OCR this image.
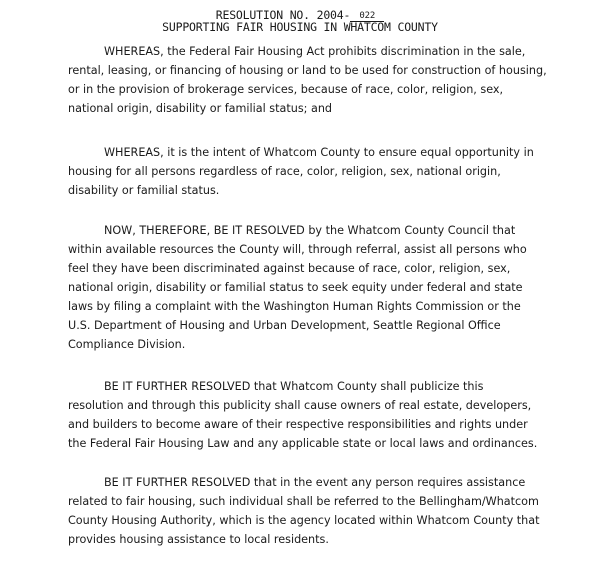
RESOLUTION NO. 2004- 022
SUPPORTING FAIR HOUSING IN WHATCOM COUNTY

WHEREAS, the Federal Fair Housing Act prohibits discrimination in the sale,
rental, leasing, or financing of housing or land to be used for construction of housing,
or in the provision of brokerage services, because of race, color, religion, sex,
national origin, disability or familial status; and

WHEREAS, it is the intent of Whatcom County to ensure equal opportunity in
housing for all persons regardless of race, color, religion, sex, national origin,
disability or familial status.

NOW, THEREFORE, BE IT RESOLVED by the Whatcom County Council that
within available resources the County will, through referral, assist all persons who
feel they have been discriminated against because of race, color, religion, sex,
national origin, disability or familial status to seek equity under federal and state
laws by filing a complaint with the Washington Human Rights Commission or the
U.S. Department of Housing and Urban Development, Seattle Regional Office
Compliance Division.

BE IT FURTHER RESOLVED that Whatcom County shall publicize this
resolution and through this publicity shall cause owners of real estate, developers,
and builders to become aware of their respective responsibilities and rights under
the Federal Fair Housing Law and any applicable state or local laws and ordinances.

BE IT FURTHER RESOLVED that in the event any person requires assistance
related to fair housing, such individual shall be referred to the Bellingham/Whatcom
County Housing Authority, which is the agency located within Whatcom County that
provides housing assistance to local residents.
